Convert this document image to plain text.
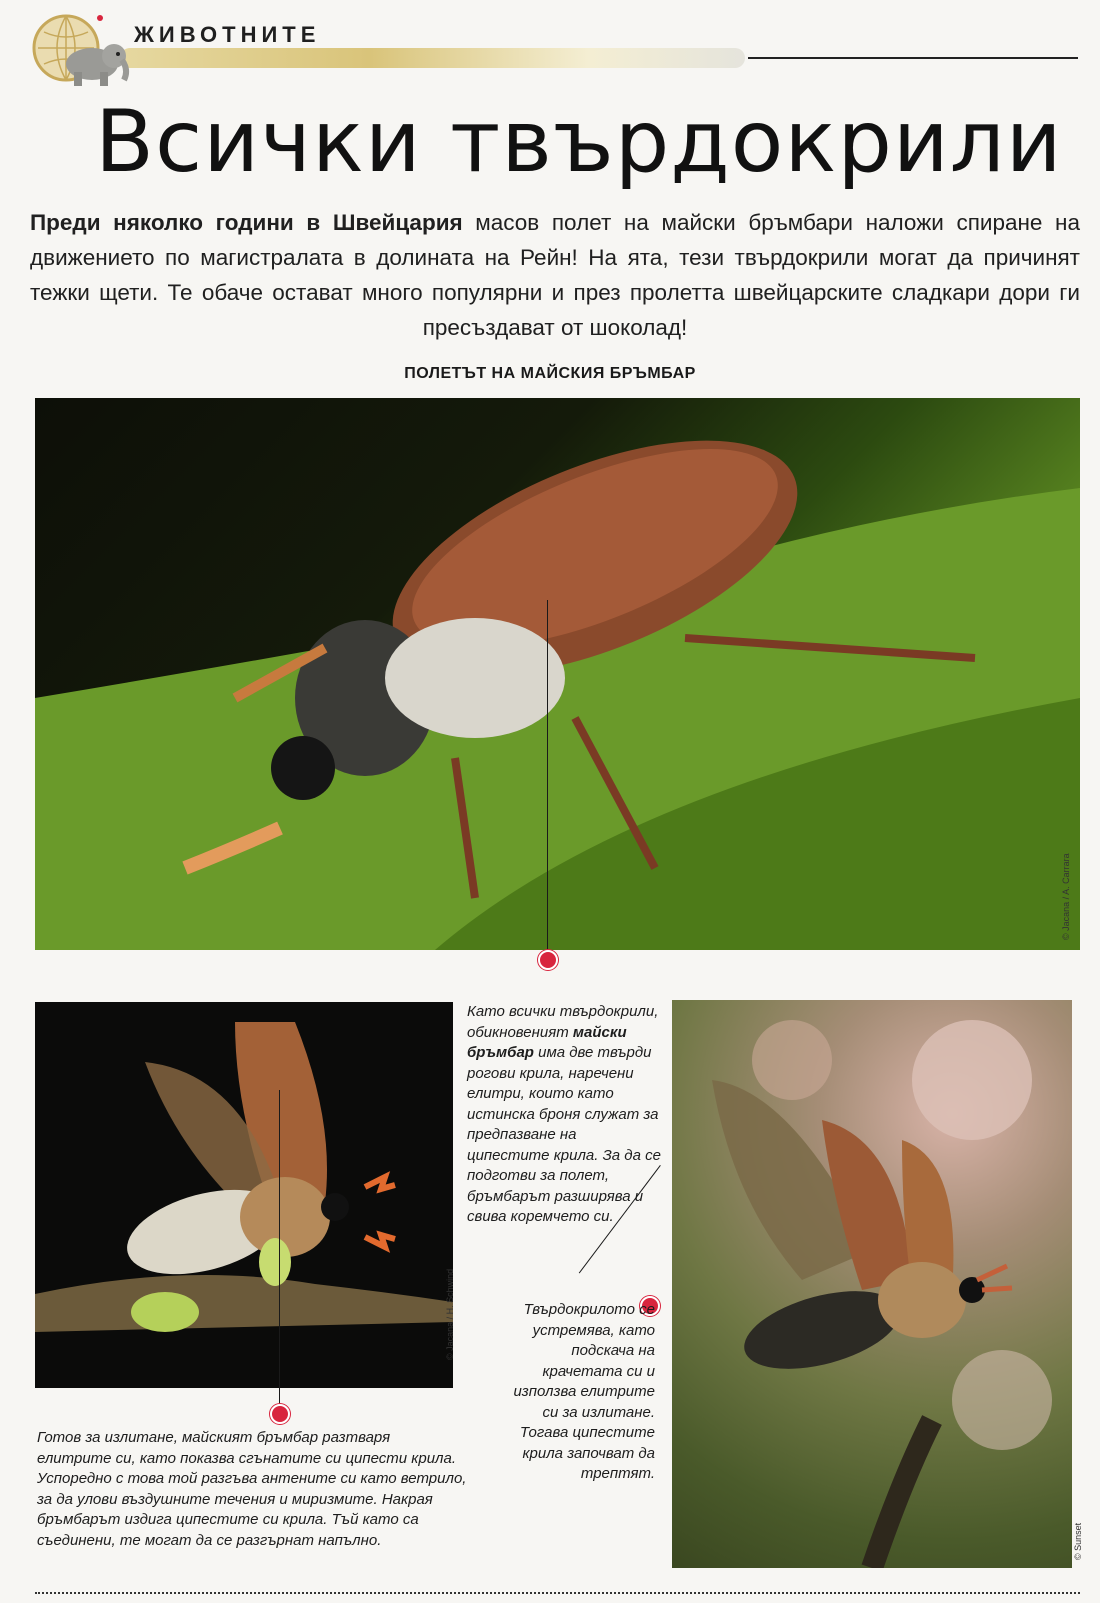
ЖИВОТНИТЕ
Всички твърдокрили
Преди няколко години в Швейцария масов полет на майски бръмбари наложи спиране на движението по магистралата в долината на Рейн! На ята, тези твърдокрили могат да причинят тежки щети. Те обаче остават много популярни и през пролетта швейцарските сладкари дори ги пресъздават от шоколад!
ПОЛЕТЪТ НА МАЙСКИЯ БРЪМБАР
© Jacana / A. Carrara
© Jacana / H. Schwind
Като всички твърдокрили, обикновеният майски бръмбар има две твърди рогови крила, наречени елитри, които като истинска броня служат за предпазване на ципестите крила. За да се подготви за полет, бръмбарът разширява и свива коремчето си.
© Sunset
Твърдокрилото се устремява, като подскача на крачетата си и използва елитрите си за излитане. Тогава ципестите крила започват да трептят.
Готов за излитане, майският бръмбар разтваря елитрите си, като показва сгънатите си ципести крила. Успоредно с това той разгъва антените си като ветрило, за да улови въздушните течения и миризмите. Накрая бръмбарът издига ципестите си крила. Тъй като са съединени, те могат да се разгърнат напълно.
